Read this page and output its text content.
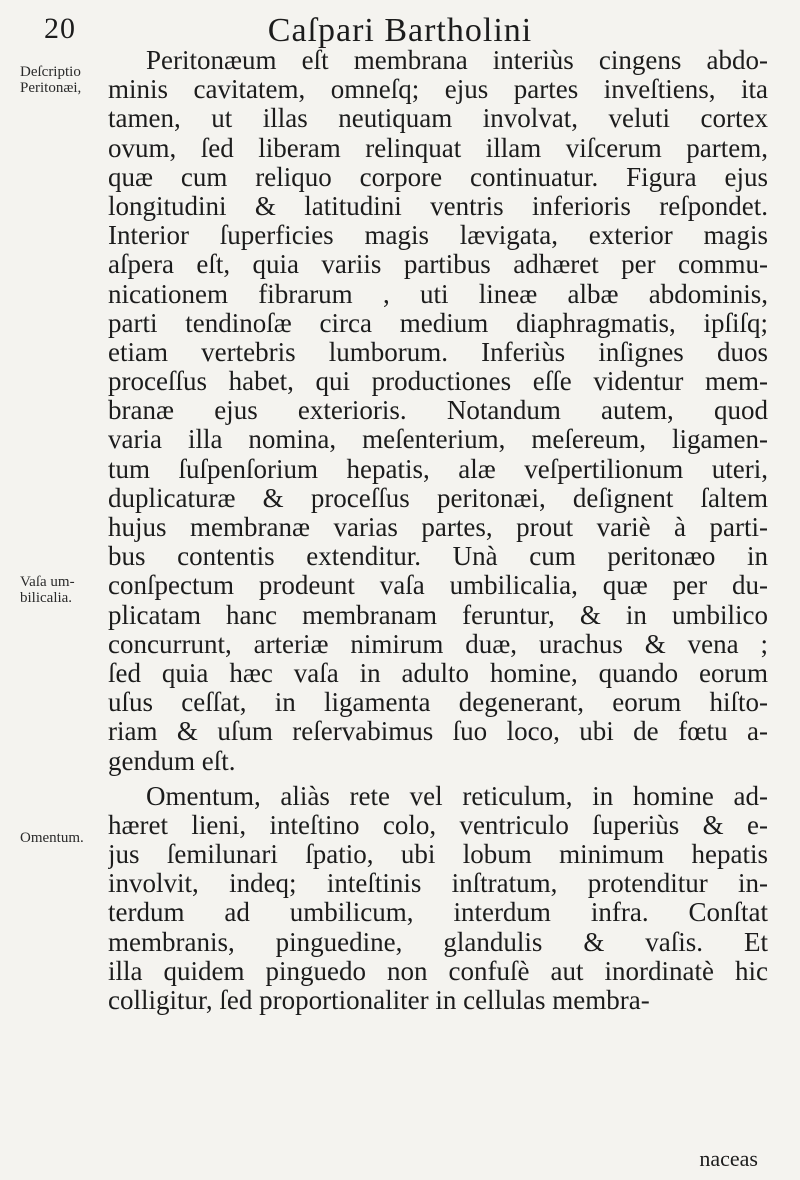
20	Caſpari Bartholini
Deſcriptio Peritonæi,
Vaſa um-bilicalia.
Omentum.
Peritonæum eſt membrana interiùs cingens abdo-
minis cavitatem, omneſq; ejus partes inveſtiens, ita
tamen, ut illas neutiquam involvat, veluti cortex
ovum, ſed liberam relinquat illam viſcerum partem,
quæ cum reliquo corpore continuatur. Figura ejus
longitudini & latitudini ventris inferioris reſpondet.
Interior ſuperficies magis lævigata, exterior magis
aſpera eſt, quia variis partibus adhæret per commu-
nicationem fibrarum , uti lineæ albæ abdominis,
parti tendinoſæ circa medium diaphragmatis, ipſiſq;
etiam vertebris lumborum. Inferiùs inſignes duos
proceſſus habet, qui productiones eſſe videntur mem-
branæ ejus exterioris. Notandum autem, quod
varia illa nomina, meſenterium, meſereum, ligamen-
tum ſuſpenſorium hepatis, alæ veſpertilionum uteri,
duplicaturæ & proceſſus peritonæi, deſignent ſaltem
hujus membranæ varias partes, prout variè à parti-
bus contentis extenditur. Unà cum peritonæo in
conſpectum prodeunt vaſa umbilicalia, quæ per du-
plicatam hanc membranam feruntur, & in umbilico
concurrunt, arteriæ nimirum duæ, urachus & vena ;
ſed quia hæc vaſa in adulto homine, quando eorum
uſus ceſſat, in ligamenta degenerant, eorum hiſto-
riam & uſum reſervabimus ſuo loco, ubi de fœtu a-
gendum eſt.
Omentum, aliàs rete vel reticulum, in homine ad-
hæret lieni, inteſtino colo, ventriculo ſuperiùs & e-
jus ſemilunari ſpatio, ubi lobum minimum hepatis
involvit, indeq; inteſtinis inſtratum, protenditur in-
terdum ad umbilicum, interdum infra. Conſtat
membranis, pinguedine, glandulis & vaſis. Et
illa quidem pinguedo non confuſè aut inordinatè hic
colligitur, ſed proportionaliter in cellulas membra-
naceas
